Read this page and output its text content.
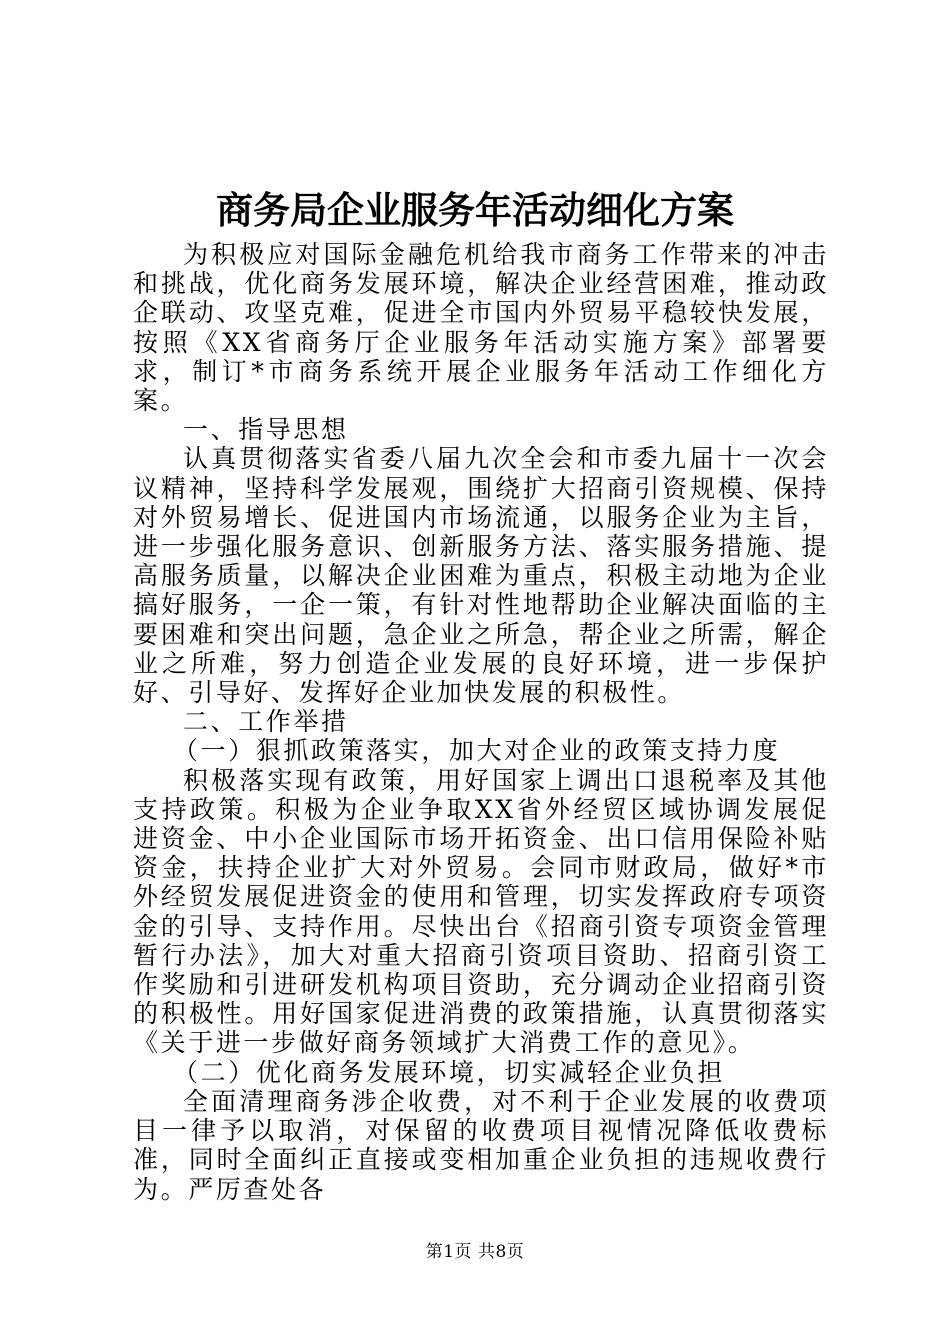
商务局企业服务年活动细化方案

为积极应对国际金融危机给我市商务工作带来的冲击和挑战，优化商务发展环境，解决企业经营困难，推动政企联动、攻坚克难，促进全市国内外贸易平稳较快发展，按照《XX省商务厅企业服务年活动实施方案》部署要求，制订*市商务系统开展企业服务年活动工作细化方案。

一、指导思想

认真贯彻落实省委八届九次全会和市委九届十一次会议精神，坚持科学发展观，围绕扩大招商引资规模、保持对外贸易增长、促进国内市场流通，以服务企业为主旨，进一步强化服务意识、创新服务方法、落实服务措施、提高服务质量，以解决企业困难为重点，积极主动地为企业搞好服务，一企一策，有针对性地帮助企业解决面临的主要困难和突出问题，急企业之所急，帮企业之所需，解企业之所难，努力创造企业发展的良好环境，进一步保护好、引导好、发挥好企业加快发展的积极性。

二、工作举措

（一）狠抓政策落实，加大对企业的政策支持力度

积极落实现有政策，用好国家上调出口退税率及其他支持政策。积极为企业争取XX省外经贸区域协调发展促进资金、中小企业国际市场开拓资金、出口信用保险补贴资金，扶持企业扩大对外贸易。会同市财政局，做好*市外经贸发展促进资金的使用和管理，切实发挥政府专项资金的引导、支持作用。尽快出台《招商引资专项资金管理暂行办法》，加大对重大招商引资项目资助、招商引资工作奖励和引进研发机构项目资助，充分调动企业招商引资的积极性。用好国家促进消费的政策措施，认真贯彻落实《关于进一步做好商务领域扩大消费工作的意见》。

（二）优化商务发展环境，切实减轻企业负担

全面清理商务涉企收费，对不利于企业发展的收费项目一律予以取消，对保留的收费项目视情况降低收费标准，同时全面纠正直接或变相加重企业负担的违规收费行为。严厉查处各

第1页 共8页
